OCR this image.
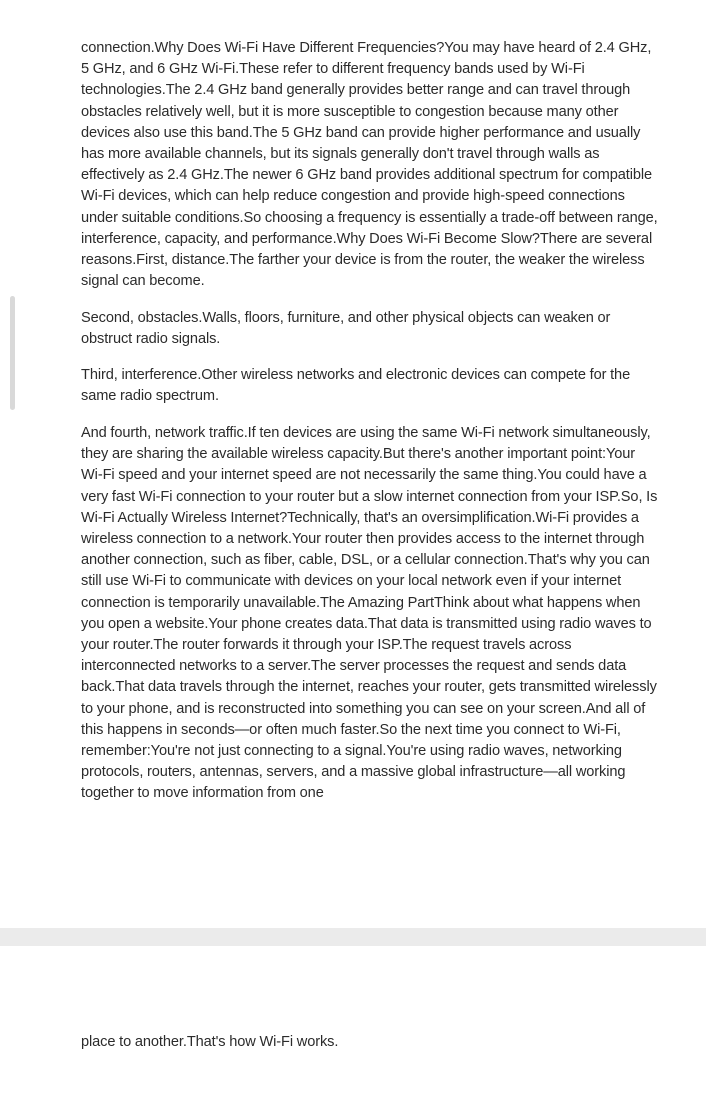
connection.Why Does Wi-Fi Have Different Frequencies?You may have heard of 2.4 GHz, 5 GHz, and 6 GHz Wi-Fi.These refer to different frequency bands used by Wi-Fi technologies.The 2.4 GHz band generally provides better range and can travel through obstacles relatively well, but it is more susceptible to congestion because many other devices also use this band.The 5 GHz band can provide higher performance and usually has more available channels, but its signals generally don't travel through walls as effectively as 2.4 GHz.The newer 6 GHz band provides additional spectrum for compatible Wi-Fi devices, which can help reduce congestion and provide high-speed connections under suitable conditions.So choosing a frequency is essentially a trade-off between range, interference, capacity, and performance.Why Does Wi-Fi Become Slow?There are several reasons.First, distance.The farther your device is from the router, the weaker the wireless signal can become.

Second, obstacles.Walls, floors, furniture, and other physical objects can weaken or obstruct radio signals.

Third, interference.Other wireless networks and electronic devices can compete for the same radio spectrum.

And fourth, network traffic.If ten devices are using the same Wi-Fi network simultaneously, they are sharing the available wireless capacity.But there's another important point:Your Wi-Fi speed and your internet speed are not necessarily the same thing.You could have a very fast Wi-Fi connection to your router but a slow internet connection from your ISP.So, Is Wi-Fi Actually Wireless Internet?Technically, that's an oversimplification.Wi-Fi provides a wireless connection to a network.Your router then provides access to the internet through another connection, such as fiber, cable, DSL, or a cellular connection.That's why you can still use Wi-Fi to communicate with devices on your local network even if your internet connection is temporarily unavailable.The Amazing PartThink about what happens when you open a website.Your phone creates data.That data is transmitted using radio waves to your router.The router forwards it through your ISP.The request travels across interconnected networks to a server.The server processes the request and sends data back.That data travels through the internet, reaches your router, gets transmitted wirelessly to your phone, and is reconstructed into something you can see on your screen.And all of this happens in seconds—or often much faster.So the next time you connect to Wi-Fi, remember:You're not just connecting to a signal.You're using radio waves, networking protocols, routers, antennas, servers, and a massive global infrastructure—all working together to move information from one

place to another.That's how Wi-Fi works.
